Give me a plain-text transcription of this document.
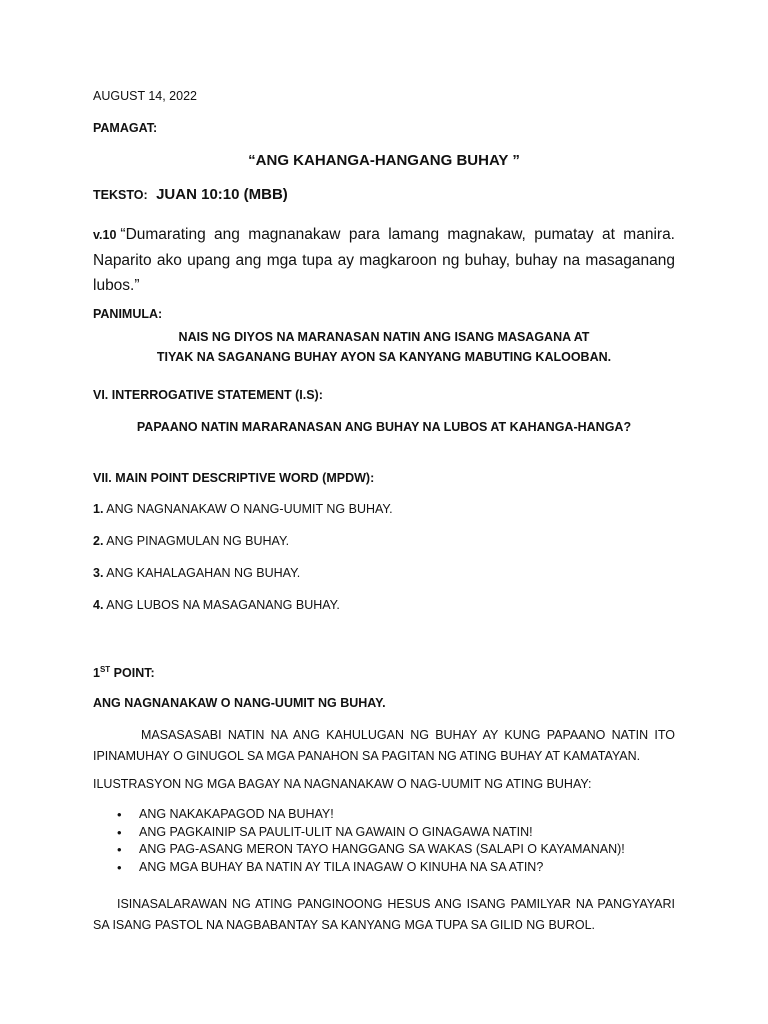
AUGUST 14, 2022

PAMAGAT:

“ANG KAHANGA-HANGANG BUHAY ”

TEKSTO: JUAN 10:10 (MBB)

v.10 “Dumarating ang magnanakaw para lamang magnakaw, pumatay at manira. Naparito ako upang ang mga tupa ay magkaroon ng buhay, buhay na masaganang lubos.”

PANIMULA:

NAIS NG DIYOS NA MARANASAN NATIN ANG ISANG MASAGANA AT
TIYAK NA SAGANANG BUHAY AYON SA KANYANG MABUTING KALOOBAN.

VI. INTERROGATIVE STATEMENT (I.S):

PAPAANO NATIN MARARANASAN ANG BUHAY NA LUBOS AT KAHANGA-HANGA?

VII. MAIN POINT DESCRIPTIVE WORD (MPDW):

1. ANG NAGNANAKAW O NANG-UUMIT NG BUHAY.
2. ANG PINAGMULAN NG BUHAY.
3. ANG KAHALAGAHAN NG BUHAY.
4. ANG LUBOS NA MASAGANANG BUHAY.

1ST POINT:

ANG NAGNANAKAW O NANG-UUMIT NG BUHAY.

MASASASABI NATIN NA ANG KAHULUGAN NG BUHAY AY KUNG PAPAANO NATIN ITO IPINAMUHAY O GINUGOL SA MGA PANAHON SA PAGITAN NG ATING BUHAY AT KAMATAYAN.

ILUSTRASYON NG MGA BAGAY NA NAGNANAKAW O NAG-UUMIT NG ATING BUHAY:

• ANG NAKAKAPAGOD NA BUHAY!
• ANG PAGKAINIP SA PAULIT-ULIT NA GAWAIN O GINAGAWA NATIN!
• ANG PAG-ASANG MERON TAYO HANGGANG SA WAKAS (SALAPI O KAYAMANAN)!
• ANG MGA BUHAY BA NATIN AY TILA INAGAW O KINUHA NA SA ATIN?

ISINASALARAWAN NG ATING PANGINOONG HESUS ANG ISANG PAMILYAR NA PANGYAYARI SA ISANG PASTOL NA NAGBABANTAY SA KANYANG MGA TUPA SA GILID NG BUROL.
